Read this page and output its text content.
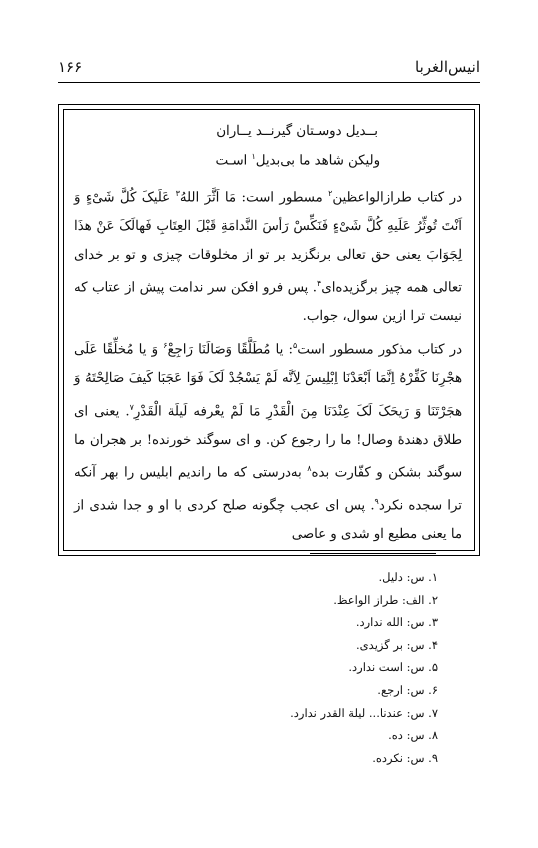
انیس‌الغربا
۱۶۶
بــدیل دوسـتان گیرنــد یــاران
ولیکن شاهد ما بی‌بدیل$^۱$ اسـت
در کتاب طرازالواعظین$^۲$ مسطور است: مَا اَثَّرَ اللهُ$^۳$ عَلَیکَ کُلَّ شَیْ‌ءٍ وَ اَنْتَ تُوثِّرُ عَلَیهِ کُلَّ شَیْ‌ءٍ فَنَکِّسْ رَأسَ النَّدامَةِ قَبْلَ العِتَابِ فَهالَکَ عَنْ هذَا لِجَوَابَ یعنی حق تعالی برنگزید بر تو از مخلوقات چیزی و تو بر خدای تعالی همه چیز برگزیده‌ای$^۴$. پس فرو افکن سر ندامت پیش از عتاب که نیست ترا ازین سوال، جواب.
در کتاب مذکور مسطور است$^۵$: یا مُطَلَّقًا وَصَالَنَا رَاجِعْ$^۶$ وَ یا مُخلِّقًا عَلَی هجْرِنَا کَفِّرْهُ اِنَّمَا اَبْعَدْنَا اِبْلِیسَ لِاَنَّه لَمْ یَسْجُدْ لَکَ فَوَا عَجَبَا کَیفَ صَالِحْتَهُ وَ هجَرْتَنَا وَ رَیحَکَ لَکَ عِنْدَنَا مِنَ الْقَدْرِ مَا لَمْ یعْرفه لَیلَة الْقَدْرِ$^۷$. یعنی ای طلاق دهندهٔ وصال! ما را رجوع کن. و ای سوگند خورنده! بر هجران ما سوگند بشکن و کفّارت بده$^۸$ به‌درستی که ما راندیم ابلیس را بهر آنکه ترا سجده نکرد$^۹$. پس ای عجب چگونه صلح کردی با او و جدا شدی از ما یعنی مطیع او شدی و عاصی
۱. س: دلیل.
۲. الف: طراز الواعظ.
۳. س: الله ندارد.
۴. س: بر گزیدی.
۵. س: است ندارد.
۶. س: ارجع.
۷. س: عندنا... لیلة القدر ندارد.
۸. س: ده.
۹. س: نکرده.
